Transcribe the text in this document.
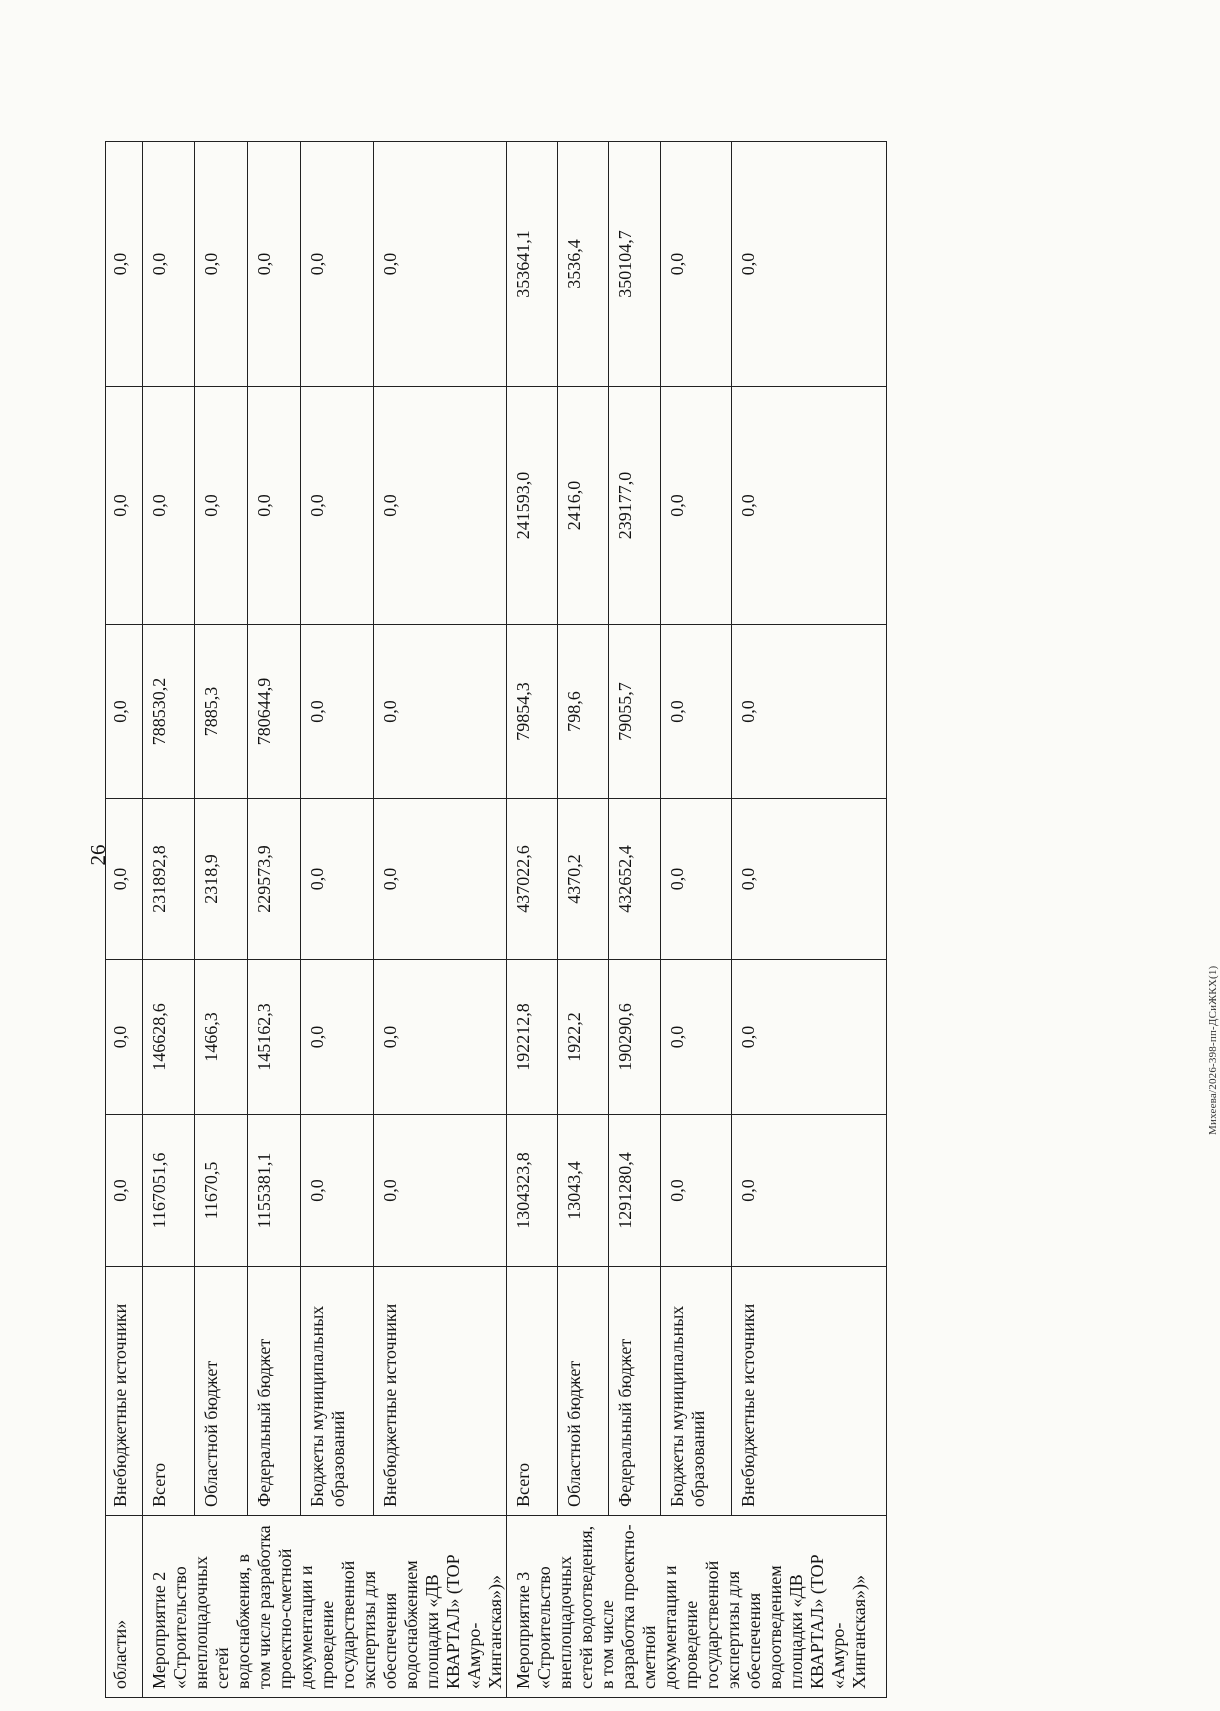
26
области»	Внебюджетные источники	0,0	0,0	0,0	0,0	0,0	0,0
Мероприятие 2 «Строительство внеплощадочных сетей водоснабжения, в том числе разработка проектно-сметной документации и проведение государственной экспертизы для обеспечения водоснабжением площадки «ДВ КВАРТАЛ» (ТОР «Амуро-Хинганская»)»	Всего	1167051,6	146628,6	231892,8	788530,2	0,0	0,0
	Областной бюджет	11670,5	1466,3	2318,9	7885,3	0,0	0,0
	Федеральный бюджет	1155381,1	145162,3	229573,9	780644,9	0,0	0,0
	Бюджеты муниципальных образований	0,0	0,0	0,0	0,0	0,0	0,0
	Внебюджетные источники	0,0	0,0	0,0	0,0	0,0	0,0
Мероприятие 3 «Строительство внеплощадочных сетей водоотведения, в том числе разработка проектно-сметной документации и проведение государственной экспертизы для обеспечения водоотведением площадки «ДВ КВАРТАЛ» (ТОР «Амуро-Хинганская»)»	Всего	1304323,8	192212,8	437022,6	79854,3	241593,0	353641,1
	Областной бюджет	13043,4	1922,2	4370,2	798,6	2416,0	3536,4
	Федеральный бюджет	1291280,4	190290,6	432652,4	79055,7	239177,0	350104,7
	Бюджеты муниципальных образований	0,0	0,0	0,0	0,0	0,0	0,0
	Внебюджетные источники	0,0	0,0	0,0	0,0	0,0	0,0
Михеева/2026-398-пп-ДСиЖКХ(1)
